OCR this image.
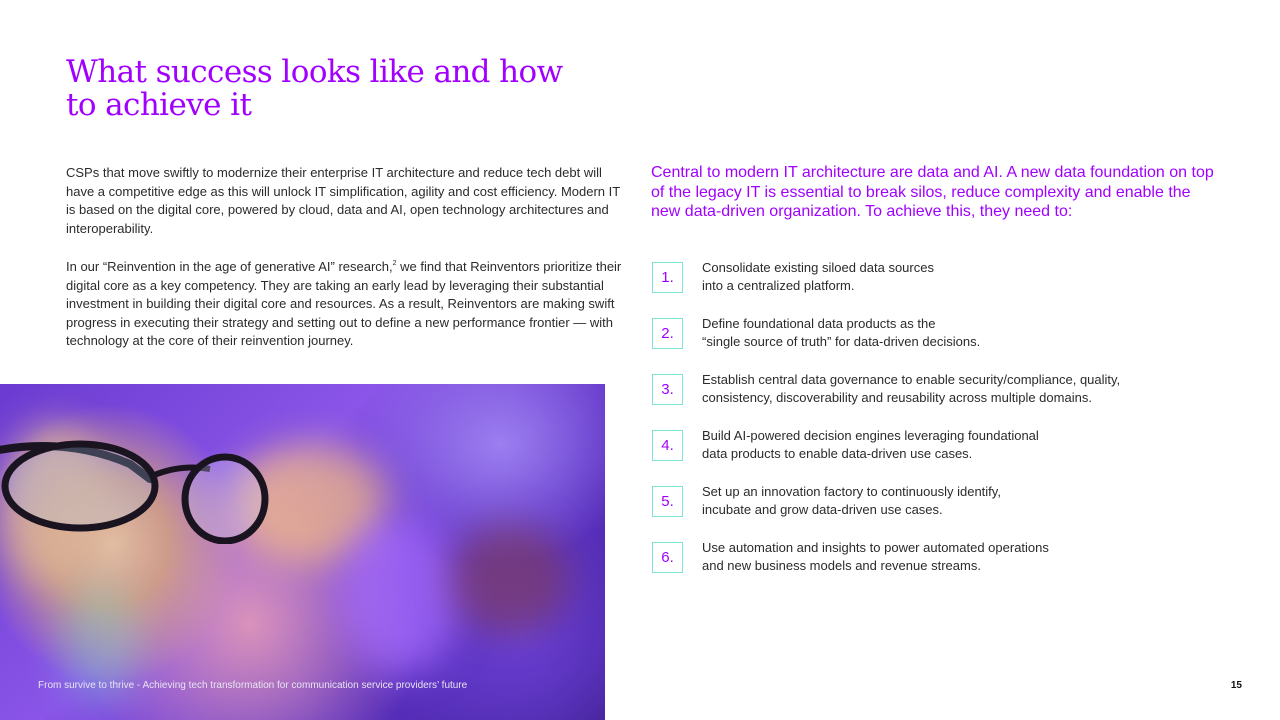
What success looks like and how
to achieve it

CSPs that move swiftly to modernize their enterprise IT architecture and reduce tech debt will have a competitive edge as this will unlock IT simplification, agility and cost efficiency. Modern IT is based on the digital core, powered by cloud, data and AI, open technology architectures and interoperability.

In our “Reinvention in the age of generative AI” research,$^2$ we find that Reinventors prioritize their digital core as a key competency. They are taking an early lead by leveraging their substantial investment in building their digital core and resources. As a result, Reinventors are making swift progress in executing their strategy and setting out to define a new performance frontier — with technology at the core of their reinvention journey.

From survive to thrive - Achieving tech transformation for communication service providers’ future	15

Central to modern IT architecture are data and AI. A new data foundation on top of the legacy IT is essential to break silos, reduce complexity and enable the new data-driven organization. To achieve this, they need to:

1.
Consolidate existing siloed data sources
into a centralized platform.
2.
Define foundational data products as the
“single source of truth” for data-driven decisions.
3.
Establish central data governance to enable security/compliance, quality,
consistency, discoverability and reusability across multiple domains.
4.
Build AI-powered decision engines leveraging foundational
data products to enable data-driven use cases.
5.
Set up an innovation factory to continuously identify,
incubate and grow data-driven use cases.
6.
Use automation and insights to power automated operations
and new business models and revenue streams.
